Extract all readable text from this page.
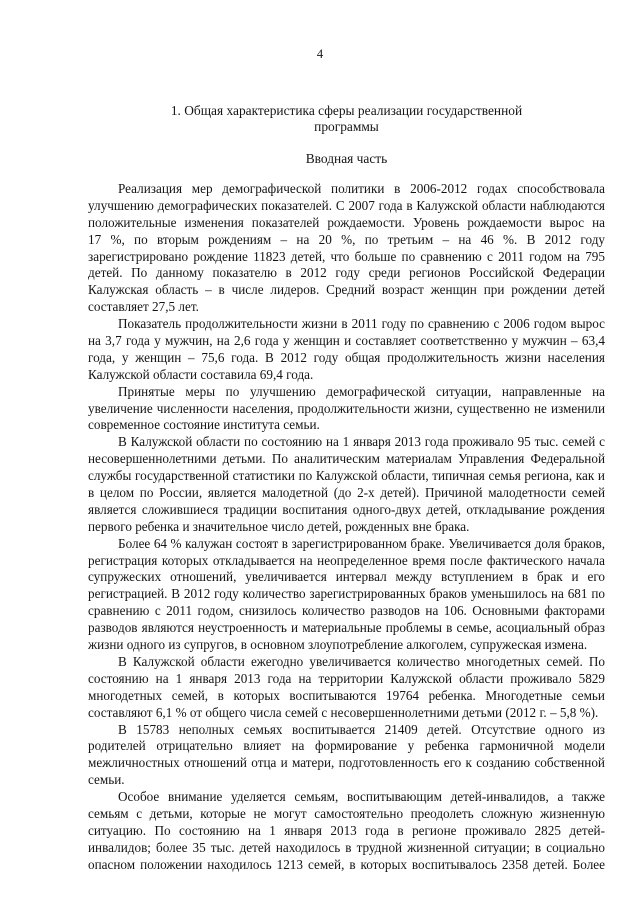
4
1. Общая характеристика сферы реализации государственной
программы
Вводная часть
Реализация мер демографической политики в 2006-2012 годах способствовала
улучшению демографических показателей. С 2007 года в Калужской области наблюдаются
положительные изменения показателей рождаемости. Уровень рождаемости вырос на
17 %, по вторым рождениям – на 20 %, по третьим – на 46 %. В 2012 году
зарегистрировано рождение 11823 детей, что больше по сравнению с 2011 годом на 795
детей. По данному показателю в 2012 году среди регионов Российской Федерации
Калужская область – в числе лидеров. Средний возраст женщин при рождении детей
составляет 27,5 лет.
Показатель продолжительности жизни в 2011 году по сравнению с 2006 годом вырос
на 3,7 года у мужчин, на 2,6 года у женщин и составляет соответственно у мужчин – 63,4
года, у женщин – 75,6 года. В 2012 году общая продолжительность жизни населения
Калужской области составила 69,4 года.
Принятые меры по улучшению демографической ситуации, направленные на
увеличение численности населения, продолжительности жизни, существенно не изменили
современное состояние института семьи.
В Калужской области по состоянию на 1 января 2013 года проживало 95 тыс. семей с
несовершеннолетними детьми. По аналитическим материалам Управления Федеральной
службы государственной статистики по Калужской области, типичная семья региона, как и
в целом по России, является малодетной (до 2-х детей). Причиной малодетности семей
является сложившиеся традиции воспитания одного-двух детей, откладывание рождения
первого ребенка и значительное число детей, рожденных вне брака.
Более 64 % калужан состоят в зарегистрированном браке. Увеличивается доля браков,
регистрация которых откладывается на неопределенное время после фактического начала
супружеских отношений, увеличивается интервал между вступлением в брак и его
регистрацией. В 2012 году количество зарегистрированных браков уменьшилось на 681 по
сравнению с 2011 годом, снизилось количество разводов на 106. Основными факторами
разводов являются неустроенность и материальные проблемы в семье, асоциальный образ
жизни одного из супругов, в основном злоупотребление алкоголем, супружеская измена.
В Калужской области ежегодно увеличивается количество многодетных семей. По
состоянию на 1 января 2013 года на территории Калужской области проживало 5829
многодетных семей, в которых воспитываются 19764 ребенка. Многодетные семьи
составляют 6,1 % от общего числа семей с несовершеннолетними детьми (2012 г. – 5,8 %).
В 15783 неполных семьях воспитывается 21409 детей. Отсутствие одного из
родителей отрицательно влияет на формирование у ребенка гармоничной модели
межличностных отношений отца и матери, подготовленность его к созданию собственной
семьи.
Особое внимание уделяется семьям, воспитывающим детей-инвалидов, а также
семьям с детьми, которые не могут самостоятельно преодолеть сложную жизненную
ситуацию. По состоянию на 1 января 2013 года в регионе проживало 2825 детей-
инвалидов; более 35 тыс. детей находилось в трудной жизненной ситуации; в социально
опасном положении находилось 1213 семей, в которых воспитывалось 2358 детей. Более
